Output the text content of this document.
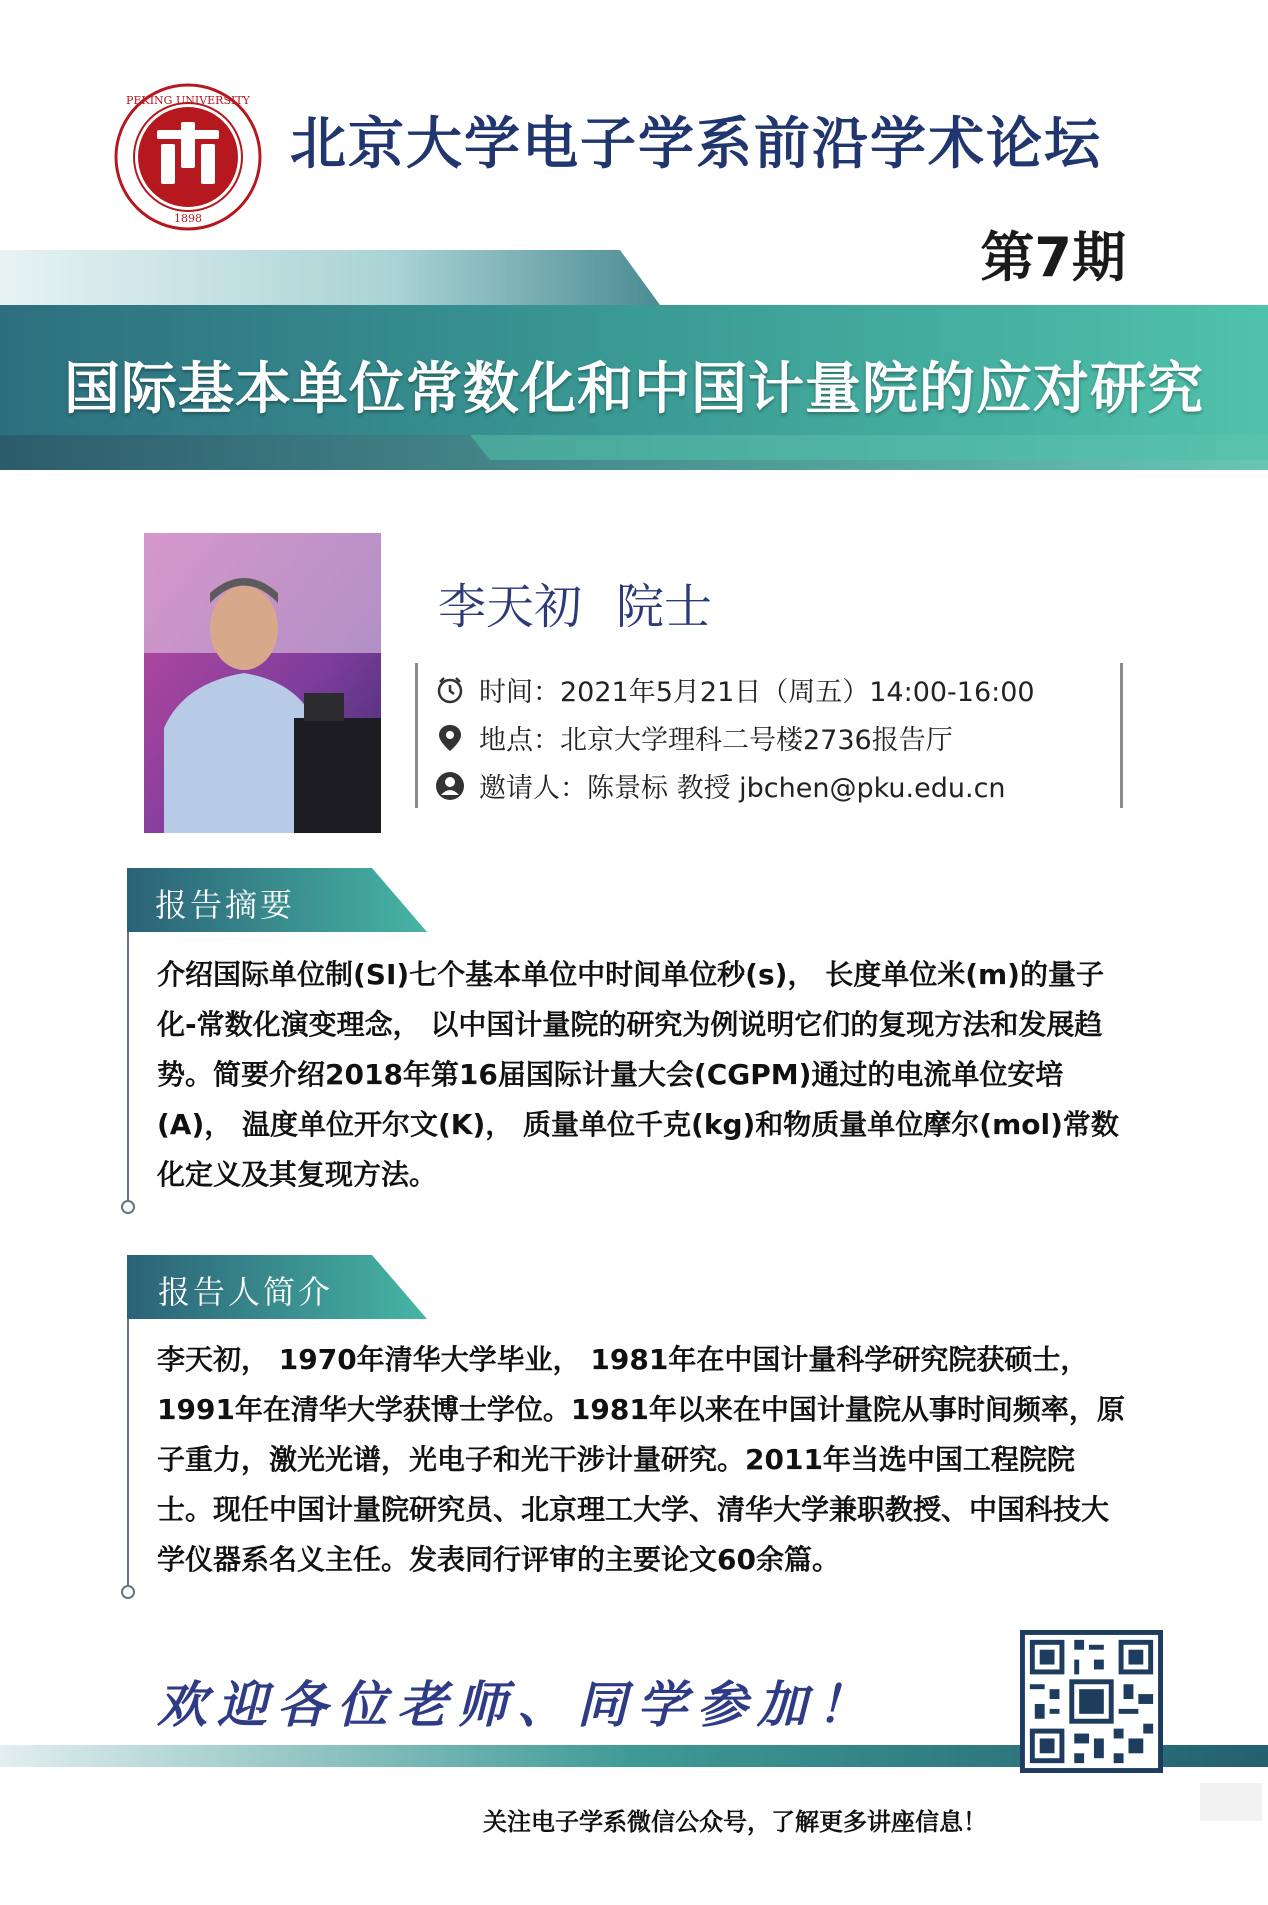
PEKING UNIVERSITY
1898
北京大学电子学系前沿学术论坛
第7期
国际基本单位常数化和中国计量院的应对研究
李天初 院士
时间：2021年5月21日（周五）14:00-16:00
地点：北京大学理科二号楼2736报告厅
邀请人：陈景标 教授 jbchen@pku.edu.cn
报告摘要
介绍国际单位制(SI)七个基本单位中时间单位秒(s)， 长度单位米(m)的量子化-常数化演变理念， 以中国计量院的研究为例说明它们的复现方法和发展趋势。简要介绍2018年第16届国际计量大会(CGPM)通过的电流单位安培(A)， 温度单位开尔文(K)， 质量单位千克(kg)和物质量单位摩尔(mol)常数化定义及其复现方法。
报告人简介
李天初， 1970年清华大学毕业， 1981年在中国计量科学研究院获硕士， 1991年在清华大学获博士学位。1981年以来在中国计量院从事时间频率，原子重力，激光光谱，光电子和光干涉计量研究。2011年当选中国工程院院士。现任中国计量院研究员、北京理工大学、清华大学兼职教授、中国科技大学仪器系名义主任。发表同行评审的主要论文60余篇。
欢迎各位老师、同学参加！
关注电子学系微信公众号，了解更多讲座信息！
